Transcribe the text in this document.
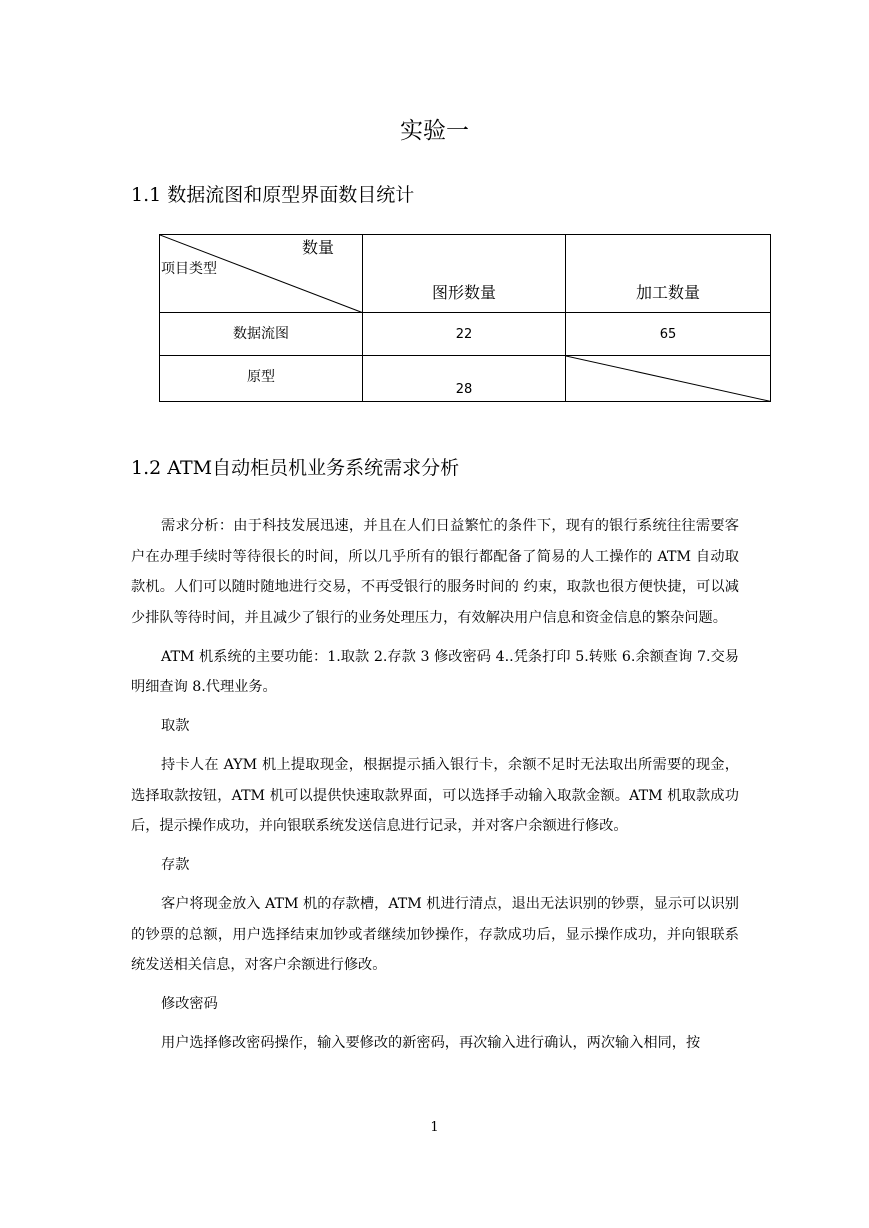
实验一
1.1 数据流图和原型界面数目统计
数量
项目类型	图形数量	加工数量

数据流图	22	65
原型	28

1.2 ATM自动柜员机业务系统需求分析

需求分析：由于科技发展迅速，并且在人们日益繁忙的条件下，现有的银行系统往往需要客户在办理手续时等待很长的时间，所以几乎所有的银行都配备了简易的人工操作的 ATM 自动取款机。人们可以随时随地进行交易，不再受银行的服务时间的 约束，取款也很方便快捷，可以减少排队等待时间，并且减少了银行的业务处理压力，有效解决用户信息和资金信息的繁杂问题。

ATM 机系统的主要功能：1.取款 2.存款 3 修改密码 4..凭条打印 5.转账 6.余额查询 7.交易明细查询 8.代理业务。

取款

持卡人在 AYM 机上提取现金，根据提示插入银行卡，余额不足时无法取出所需要的现金，选择取款按钮，ATM 机可以提供快速取款界面，可以选择手动输入取款金额。ATM 机取款成功后，提示操作成功，并向银联系统发送信息进行记录，并对客户余额进行修改。

存款

客户将现金放入 ATM 机的存款槽，ATM 机进行清点，退出无法识别的钞票，显示可以识别的钞票的总额，用户选择结束加钞或者继续加钞操作，存款成功后，显示操作成功，并向银联系统发送相关信息，对客户余额进行修改。

修改密码

用户选择修改密码操作，输入要修改的新密码，再次输入进行确认，两次输入相同，按

1
